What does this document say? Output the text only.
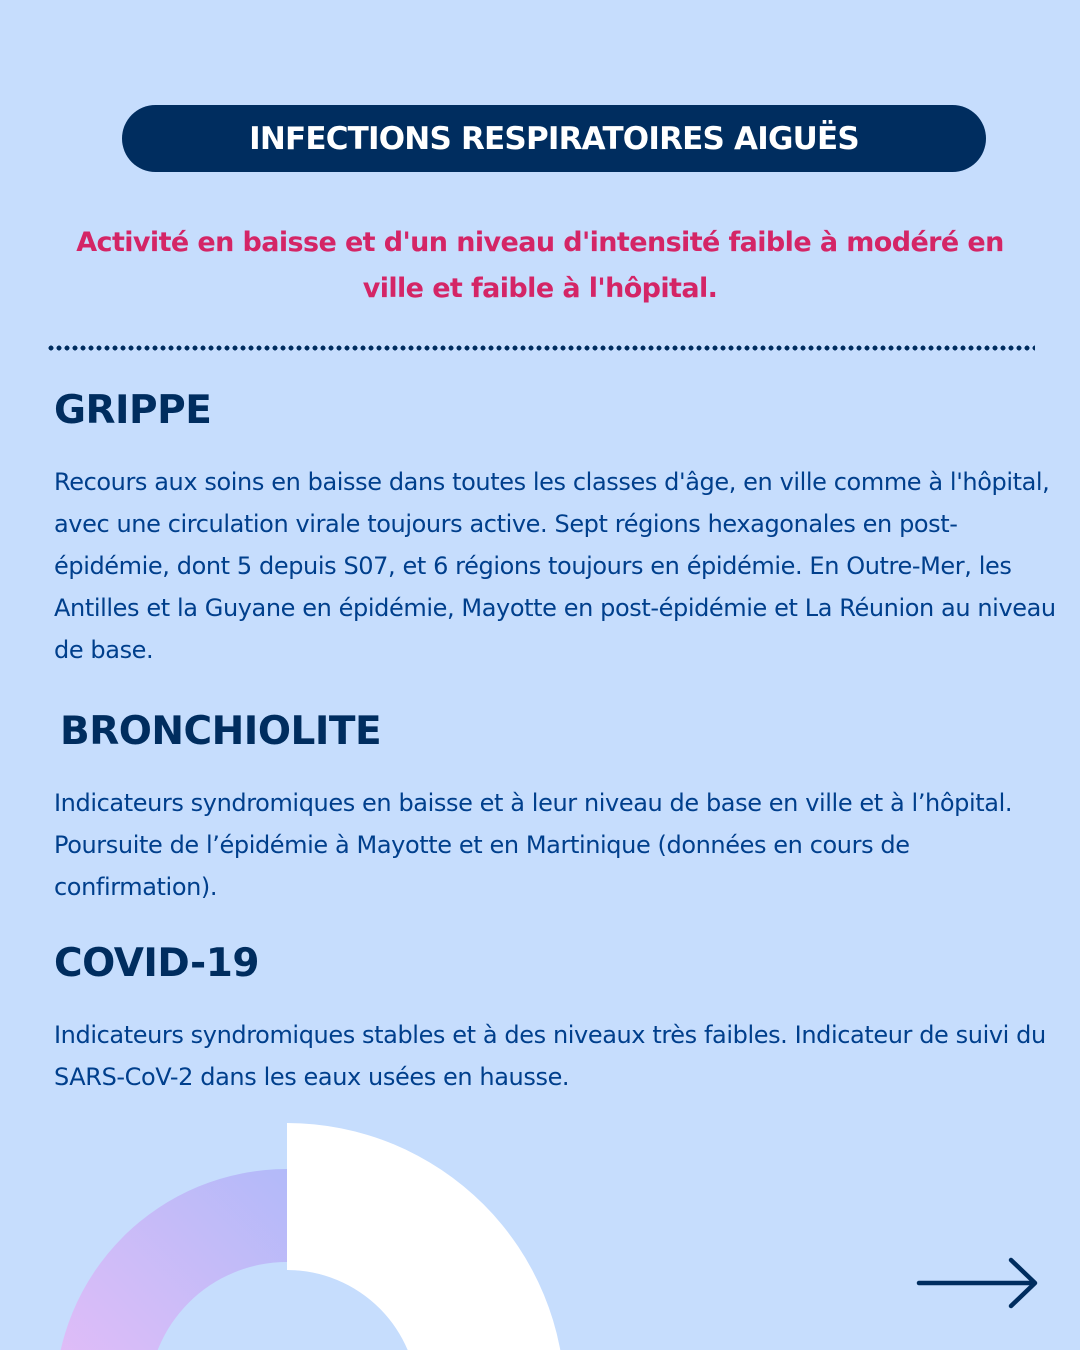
INFECTIONS RESPIRATOIRES AIGUËS
Activité en baisse et d'un niveau d'intensité faible à modéré en ville et faible à l'hôpital.
GRIPPE
Recours aux soins en baisse dans toutes les classes d'âge, en ville comme à l'hôpital, avec une circulation virale toujours active. Sept régions hexagonales en post-épidémie, dont 5 depuis S07, et 6 régions toujours en épidémie. En Outre-Mer, les Antilles et la Guyane en épidémie, Mayotte en post-épidémie et La Réunion au niveau de base.
BRONCHIOLITE
Indicateurs syndromiques en baisse et à leur niveau de base en ville et à l’hôpital. Poursuite de l’épidémie à Mayotte et en Martinique (données en cours de confirmation).
COVID-19
Indicateurs syndromiques stables et à des niveaux très faibles. Indicateur de suivi du SARS-CoV-2 dans les eaux usées en hausse.
